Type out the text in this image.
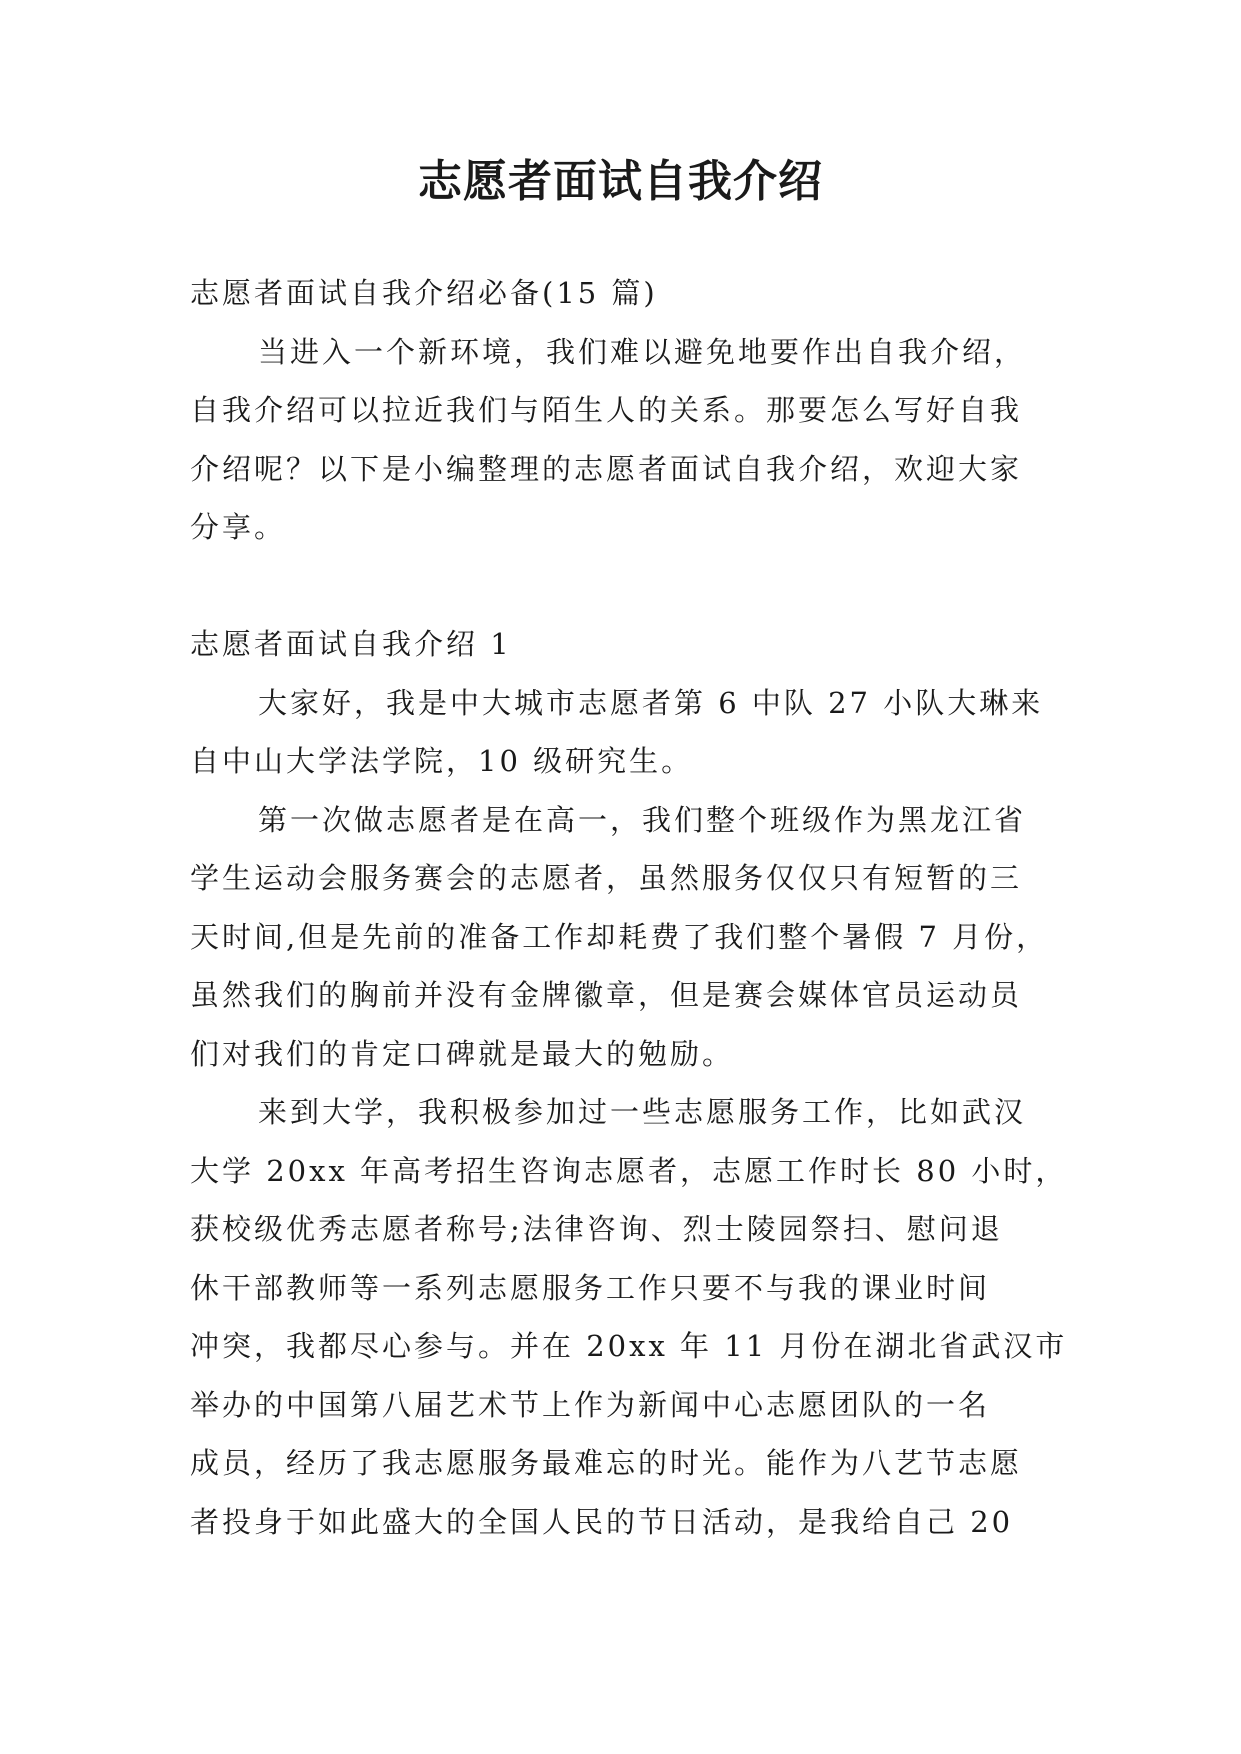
志愿者面试自我介绍
志愿者面试自我介绍必备(15 篇)
当进入一个新环境，我们难以避免地要作出自我介绍，
自我介绍可以拉近我们与陌生人的关系。那要怎么写好自我
介绍呢？以下是小编整理的志愿者面试自我介绍，欢迎大家
分享。
志愿者面试自我介绍 1
大家好，我是中大城市志愿者第 6 中队 27 小队大琳来
自中山大学法学院，10 级研究生。
第一次做志愿者是在高一，我们整个班级作为黑龙江省
学生运动会服务赛会的志愿者，虽然服务仅仅只有短暂的三
天时间,但是先前的准备工作却耗费了我们整个暑假 7 月份，
虽然我们的胸前并没有金牌徽章，但是赛会媒体官员运动员
们对我们的肯定口碑就是最大的勉励。
来到大学，我积极参加过一些志愿服务工作，比如武汉
大学 20xx 年高考招生咨询志愿者，志愿工作时长 80 小时，
获校级优秀志愿者称号;法律咨询、烈士陵园祭扫、慰问退
休干部教师等一系列志愿服务工作只要不与我的课业时间
冲突，我都尽心参与。并在 20xx 年 11 月份在湖北省武汉市
举办的中国第八届艺术节上作为新闻中心志愿团队的一名
成员，经历了我志愿服务最难忘的时光。能作为八艺节志愿
者投身于如此盛大的全国人民的节日活动，是我给自己 20
